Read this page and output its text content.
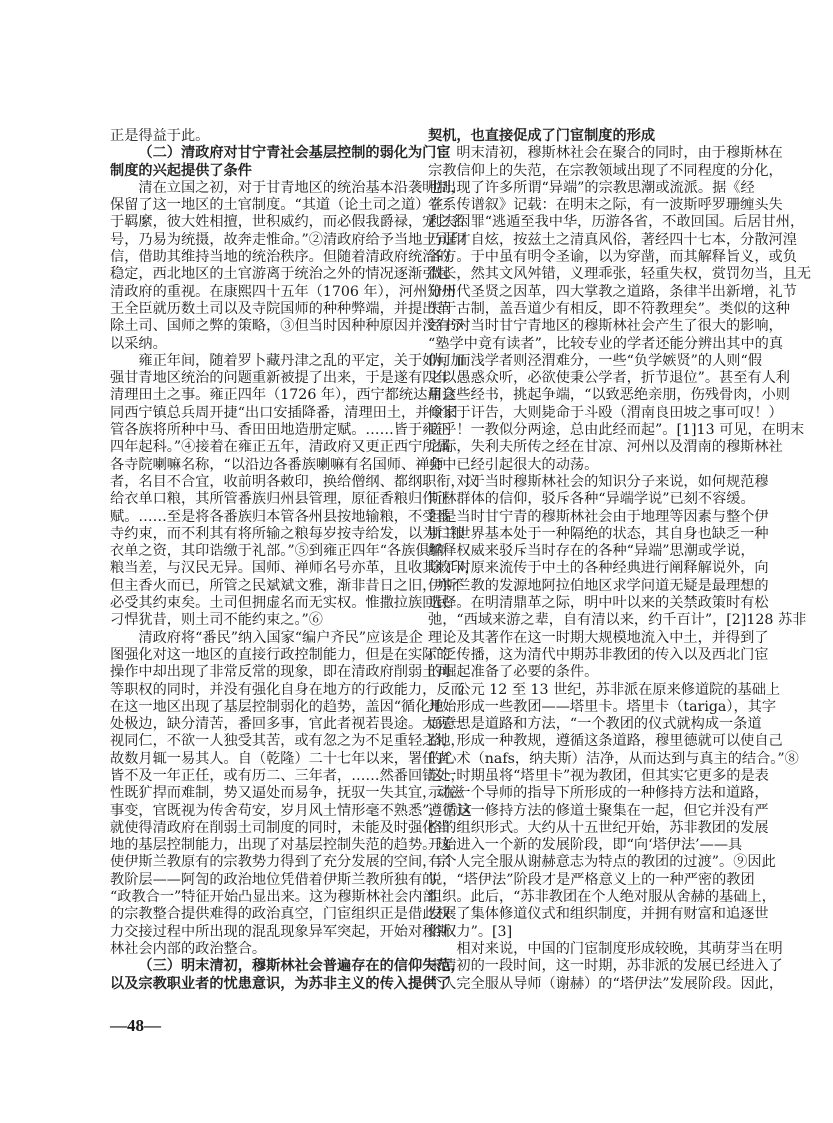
正是得益于此。
（二）清政府对甘宁青社会基层控制的弱化为门宦
制度的兴起提供了条件
清在立国之初，对于甘青地区的统治基本沿袭明制，
保留了这一地区的土官制度。“其道（论土司之道）在
于羁縻，彼大姓相擅，世积威约，而必假我爵禄，宠之名
号，乃易为统摄，故奔走惟命。”②清政府给予当地土司印
信，借助其维持当地的统治秩序。但随着清政府统治的
稳定，西北地区的土官游离于统治之外的情况逐渐引起
清政府的重视。在康熙四十五年（1706 年），河州知州
王全臣就历数土司以及寺院国师的种种弊端，并提出革
除土司、国师之弊的策略，③但当时因种种原因并没有予
以采纳。
雍正年间，随着罗卜藏丹津之乱的平定，关于如何加
强甘青地区统治的问题重新被提了出来，于是遂有四年
清理田土之事。雍正四年（1726 年），西宁都统达鼐会
同西宁镇总兵周开捷“出口安插降番，清理田土，并令旧
管各族将所种中马、香田田地造册定赋。……皆于雍正
四年起科。”④接着在雍正五年，清政府又更正西宁所属
各寺院喇嘛名称，“以沿边各番族喇嘛有名国师、禅师
者，名目不合宜，收前明各敕印，换给僧纲、都纲职衔，议
给衣单口粮，其所管番族归州县管理，原征香粮归作正
赋。……至是将各番族归本管各州县按地输粮，不受番
寺约束，而不利其有将所输之粮每岁按寺给发，以为口粮
衣单之资，其印诰缴于礼部。”⑤到雍正四年“各族俱纳
粮当差，与汉民无异。国师、禅师名号亦革，且收其敕印，
但主香火而已，所管之民斌斌文雅，渐非昔日之旧，亦不
必受其约束矣。土司但拥虚名而无实权。惟撒拉族回民
刁悍犹昔，则土司不能约束之。”⑥
清政府将“番民”纳入国家“编户齐民”应该是企
图强化对这一地区的直接行政控制能力，但是在实际的
操作中却出现了非常反常的现象，即在清政府削弱土司
等职权的同时，并没有强化自身在地方的行政能力，反而
在这一地区出现了基层控制弱化的趋势，盖因“循化地
处极边，缺分清苦，番回多事，官此者视若畏途。大宪一
视同仁，不欲一人独受其苦，或有忽之为不足重轻之地，
故数月辄一易其人。自（乾隆）二十七年以来，署任者
皆不及一年正任，或有历二、三年者，……然番回错处，
性既犷捍而难制，势又逼处而易争，抚驭一失其宜，动滋
事变，官既视为传舍苟安，岁月风土情形毫不熟悉”，⑦这
就使得清政府在削弱土司制度的同时，未能及时强化当
地的基层控制能力，出现了对基层控制失范的趋势。这
使伊斯兰教原有的宗教势力得到了充分发展的空间，宗
教阶层——阿訇的政治地位凭借着伊斯兰教所独有的
“政教合一”特征开始凸显出来。这为穆斯林社会内部
的宗教整合提供难得的政治真空，门宦组织正是借此权
力交接过程中所出现的混乱现象异军突起，开始对穆斯
林社会内部的政治整合。
（三）明末清初，穆斯林社会普遍存在的信仰失范，
以及宗教职业者的忧患意识，为苏非主义的传入提供了
契机，也直接促成了门宦制度的形成
明末清初，穆斯林社会在聚合的同时，由于穆斯林在
宗教信仰上的失范，在宗教领域出现了不同程度的分化，
也出现了许多所谓“异端”的宗教思潮或流派。据《经
学系传谱叙》记载：在明末之际，有一波斯呼罗珊缠头失
利夫因罪“逃遁至我中华，历游各省，不敢回国。后居甘州，
乃逞才自炫，按兹土之清真风俗，著经四十七本，分散河湟
各方。于中虽有明令圣谕，以为穿凿，而其解释旨义，或负
微长，然其文风舛错，义理乖张，轻重失权，赏罚勿当，且无
分历代圣贤之因革，四大掌教之道路，条律半出新增，礼节
失于古制，盖吾道少有相反，即不符教理矣”。类似的这种
经书对当时甘宁青地区的穆斯林社会产生了很大的影响，
“塾学中竟有读者”，比较专业的学者还能分辨出其中的真
伪，而浅学者则泾渭难分，一些“负学嫉贤”的人则“假
之以愚惑众听，必欲使秉公学者，折节退位”。甚至有人利
用这些经书，挑起争端，“以致恶绝亲朋，伤残骨肉，小则
倾家于讦告，大则毙命于斗殴（渭南良田坡之事可叹！）
嗟乎！一教似分两途，总由此经而起”。[1]13 可见，在明末
之际，失利夫所传之经在甘凉、河州以及渭南的穆斯林社
会中已经引起很大的动荡。
对于当时穆斯林社会的知识分子来说，如何规范穆
斯林群体的信仰，驳斥各种“异端学说”已刻不容缓。
但是当时甘宁青的穆斯林社会由于地理等因素与整个伊
斯兰世界基本处于一种隔绝的状态，其自身也缺乏一种
解释权威来驳斥当时存在的各种“异端”思潮或学说，
除了对原来流传于中土的各种经典进行阐释解说外，向
伊斯兰教的发源地阿拉伯地区求学问道无疑是最理想的
选择。在明清鼎革之际，明中叶以来的关禁政策时有松
弛，“西域来游之辈，自有清以来，约千百计”，[2]128 苏非
理论及其著作在这一时期大规模地流入中土，并得到了
广泛传播，这为清代中期苏非教团的传入以及西北门宦
的崛起准备了必要的条件。
公元 12 至 13 世纪，苏非派在原来修道院的基础上
开始形成一些教团——塔里卡。塔里卡（tariga），其字
面意思是道路和方法，“一个教团的仪式就构成一条道
路，形成一种教规，遵循这条道路，穆里德就可以使自己
的心术（nafs，纳夫斯）洁净，从而达到与真主的结合。”⑧
这一时期虽将“塔里卡”视为教团，但其实它更多的是表
示在一个导师的指导下所形成的一种修持方法和道路，
遵循这一修持方法的修道士聚集在一起，但它并没有严
格的组织形式。大约从十五世纪开始，苏非教团的发展
开始进入一个新的发展阶段，即“向‘塔伊法’——具
有个人完全服从谢赫意志为特点的教团的过渡”。⑨因此
说，“塔伊法”阶段才是严格意义上的一种严密的教团
组织。此后，“苏非教团在个人绝对服从舍赫的基础上，
发展了集体修道仪式和组织制度，并拥有财富和追逐世
俗权力”。[3]
相对来说，中国的门宦制度形成较晚，其萌芽当在明
末清初的一段时间，这一时期，苏非派的发展已经进入了
个人完全服从导师（谢赫）的“塔伊法”发展阶段。因此，
—48—
